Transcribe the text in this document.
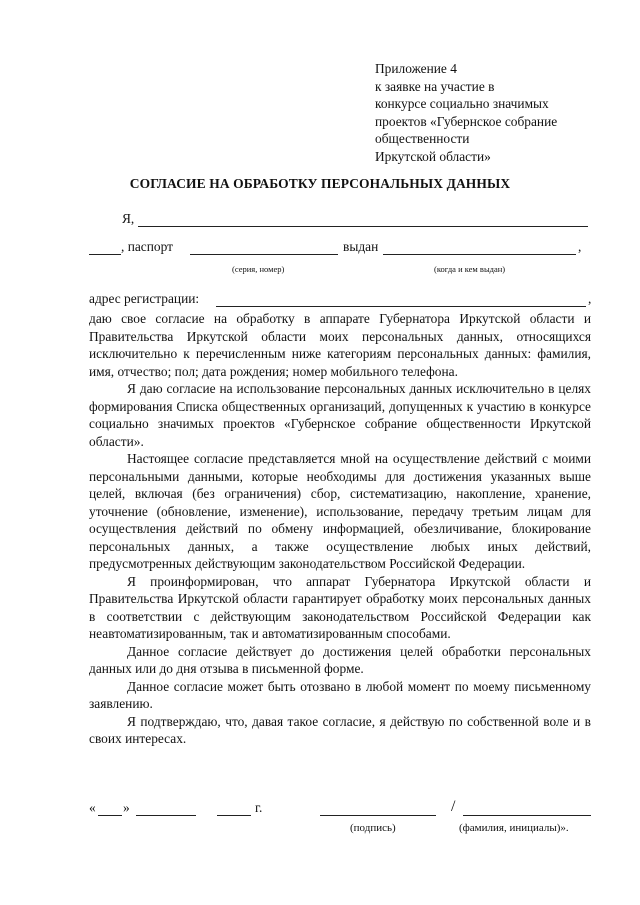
Приложение 4
к заявке на участие в
конкурсе социально значимых
проектов «Губернское собрание
общественности
Иркутской области»
СОГЛАСИЕ НА ОБРАБОТКУ ПЕРСОНАЛЬНЫХ ДАННЫХ
Я,
, паспорт	выдан	,
(серия, номер)	(когда и кем выдан)
адрес регистрации:	,

даю свое согласие на обработку в аппарате Губернатора Иркутской области и Правительства Иркутской области моих персональных данных, относящихся исключительно к перечисленным ниже категориям персональных данных: фамилия, имя, отчество; пол; дата рождения; номер мобильного телефона.

Я даю согласие на использование персональных данных исключительно в целях формирования Списка общественных организаций, допущенных к участию в конкурсе социально значимых проектов «Губернское собрание общественности Иркутской области».

Настоящее согласие представляется мной на осуществление действий с моими персональными данными, которые необходимы для достижения указанных выше целей, включая (без ограничения) сбор, систематизацию, накопление, хранение, уточнение (обновление, изменение), использование, передачу третьим лицам для осуществления действий по обмену информацией, обезличивание, блокирование персональных данных, а также осуществление любых иных действий, предусмотренных действующим законодательством Российской Федерации.

Я проинформирован, что аппарат Губернатора Иркутской области и Правительства Иркутской области гарантирует обработку моих персональных данных в соответствии с действующим законодательством Российской Федерации как неавтоматизированным, так и автоматизированным способами.

Данное согласие действует до достижения целей обработки персональных данных или до дня отзыва в письменной форме.

Данное согласие может быть отозвано в любой момент по моему письменному заявлению.

Я подтверждаю, что, давая такое согласие, я действую по собственной воле и в своих интересах.

« »	г.	/
(подпись)	(фамилия, инициалы)».
